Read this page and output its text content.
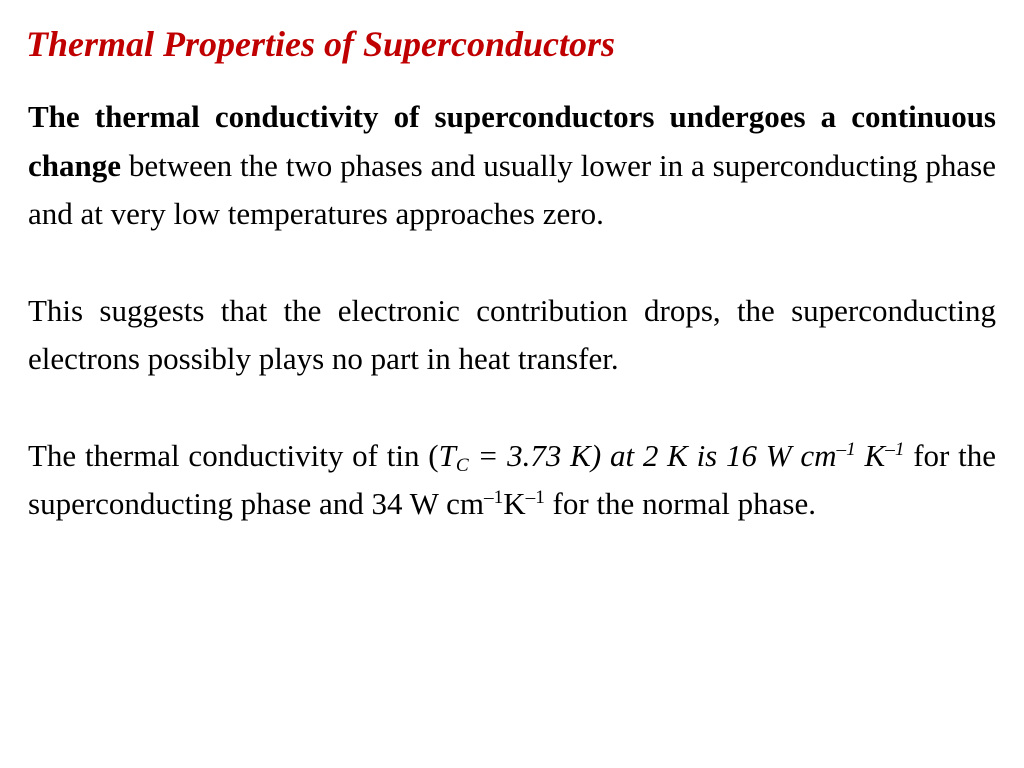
Thermal Properties of Superconductors

The thermal conductivity of superconductors undergoes a continuous change between the two phases and usually lower in a superconducting phase and at very low temperatures approaches zero.

This suggests that the electronic contribution drops, the superconducting electrons possibly plays no part in heat transfer.

The thermal conductivity of tin ($T_C = 3.73$ K) at 2 K is 16 W $cm^{-1}$ $K^{-1}$ for the superconducting phase and 34 W $cm^{-1}K^{-1}$ for the normal phase.
